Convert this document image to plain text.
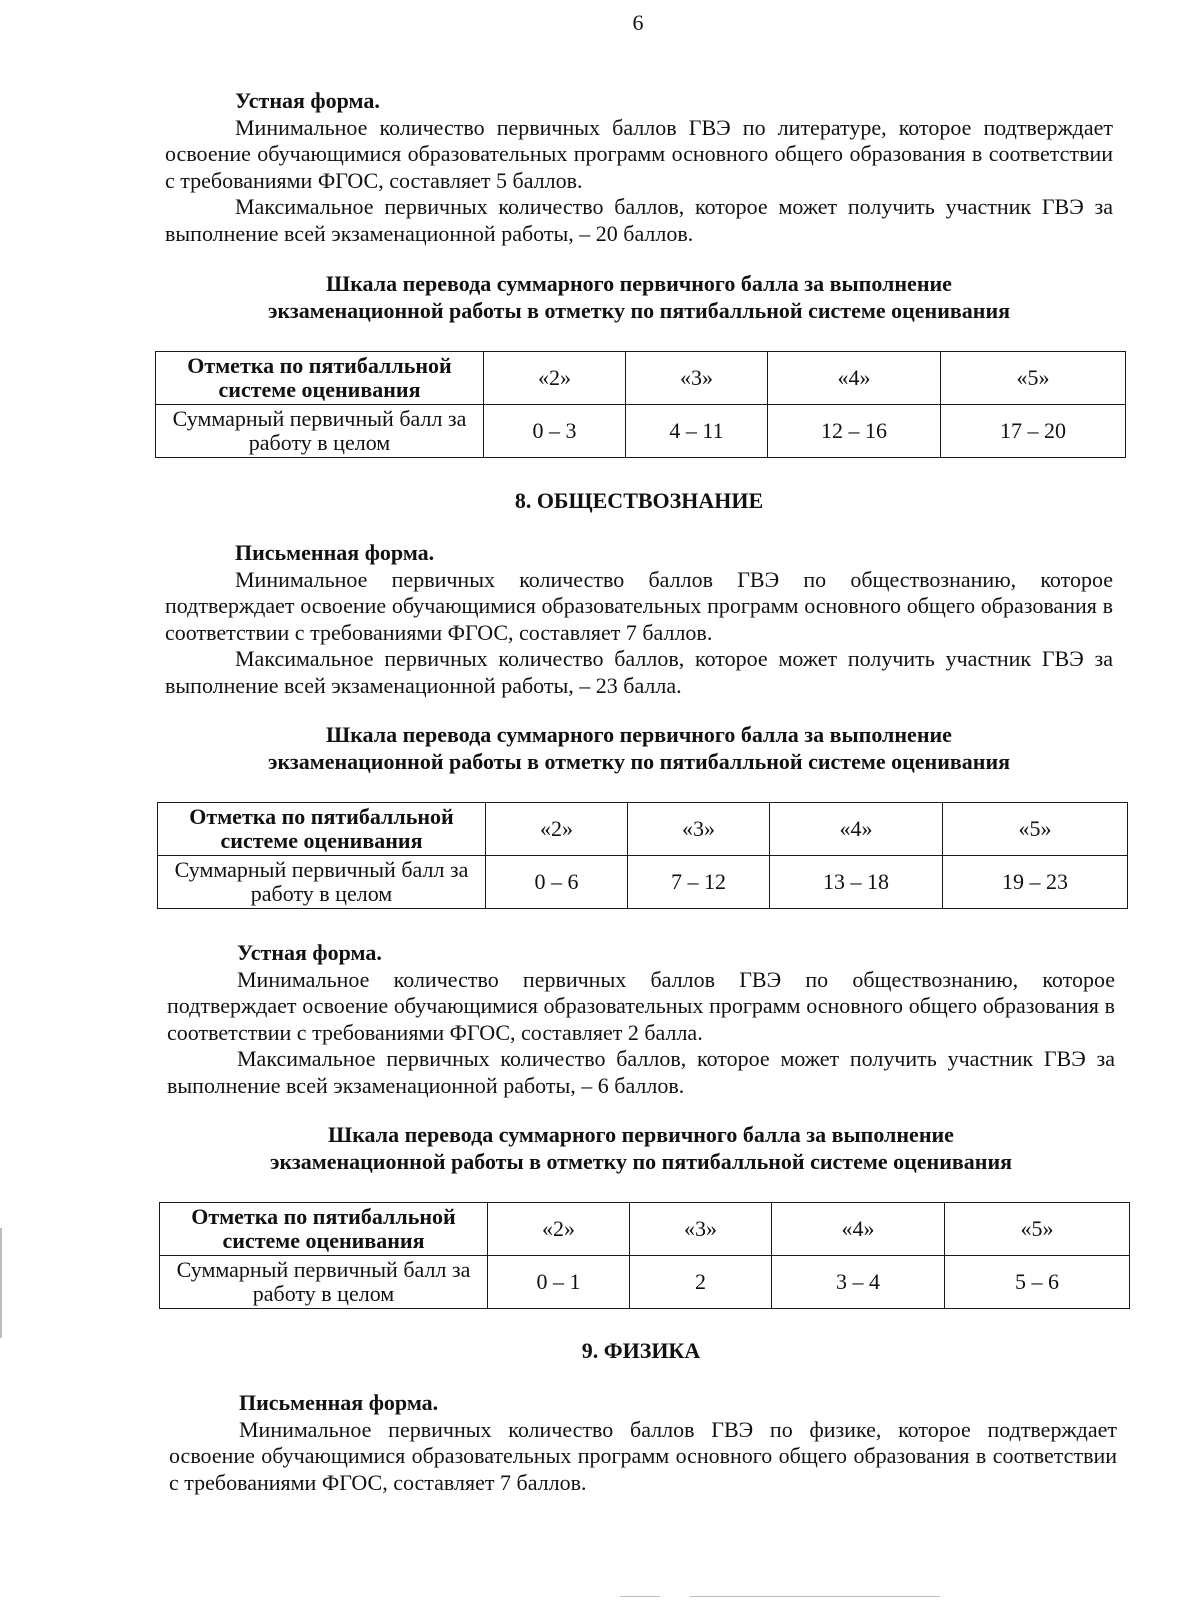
6

Устная форма.

Минимальное количество первичных баллов ГВЭ по литературе, которое подтверждает освоение обучающимися образовательных программ основного общего образования в соответствии с требованиями ФГОС, составляет 5 баллов.

Максимальное первичных количество баллов, которое может получить участник ГВЭ за выполнение всей экзаменационной работы, – 20 баллов.

Шкала перевода суммарного первичного балла за выполнение
экзаменационной работы в отметку по пятибалльной системе оценивания
Отметка по пятибалльной системе оценивания	«2»	«3»	«4»	«5»
Суммарный первичный балл за работу в целом	0 – 3	4 – 11	12 – 16	17 – 20
8. ОБЩЕСТВОЗНАНИЕ

Письменная форма.

Минимальное первичных количество баллов ГВЭ по обществознанию, которое подтверждает освоение обучающимися образовательных программ основного общего образования в соответствии с требованиями ФГОС, составляет 7 баллов.

Максимальное первичных количество баллов, которое может получить участник ГВЭ за выполнение всей экзаменационной работы, – 23 балла.

Шкала перевода суммарного первичного балла за выполнение
экзаменационной работы в отметку по пятибалльной системе оценивания
Отметка по пятибалльной системе оценивания	«2»	«3»	«4»	«5»
Суммарный первичный балл за работу в целом	0 – 6	7 – 12	13 – 18	19 – 23

Устная форма.

Минимальное количество первичных баллов ГВЭ по обществознанию, которое подтверждает освоение обучающимися образовательных программ основного общего образования в соответствии с требованиями ФГОС, составляет 2 балла.

Максимальное первичных количество баллов, которое может получить участник ГВЭ за выполнение всей экзаменационной работы, – 6 баллов.

Шкала перевода суммарного первичного балла за выполнение
экзаменационной работы в отметку по пятибалльной системе оценивания
Отметка по пятибалльной системе оценивания	«2»	«3»	«4»	«5»
Суммарный первичный балл за работу в целом	0 – 1	2	3 – 4	5 – 6
9. ФИЗИКА

Письменная форма.

Минимальное первичных количество баллов ГВЭ по физике, которое подтверждает освоение обучающимися образовательных программ основного общего образования в соответствии с требованиями ФГОС, составляет 7 баллов.
